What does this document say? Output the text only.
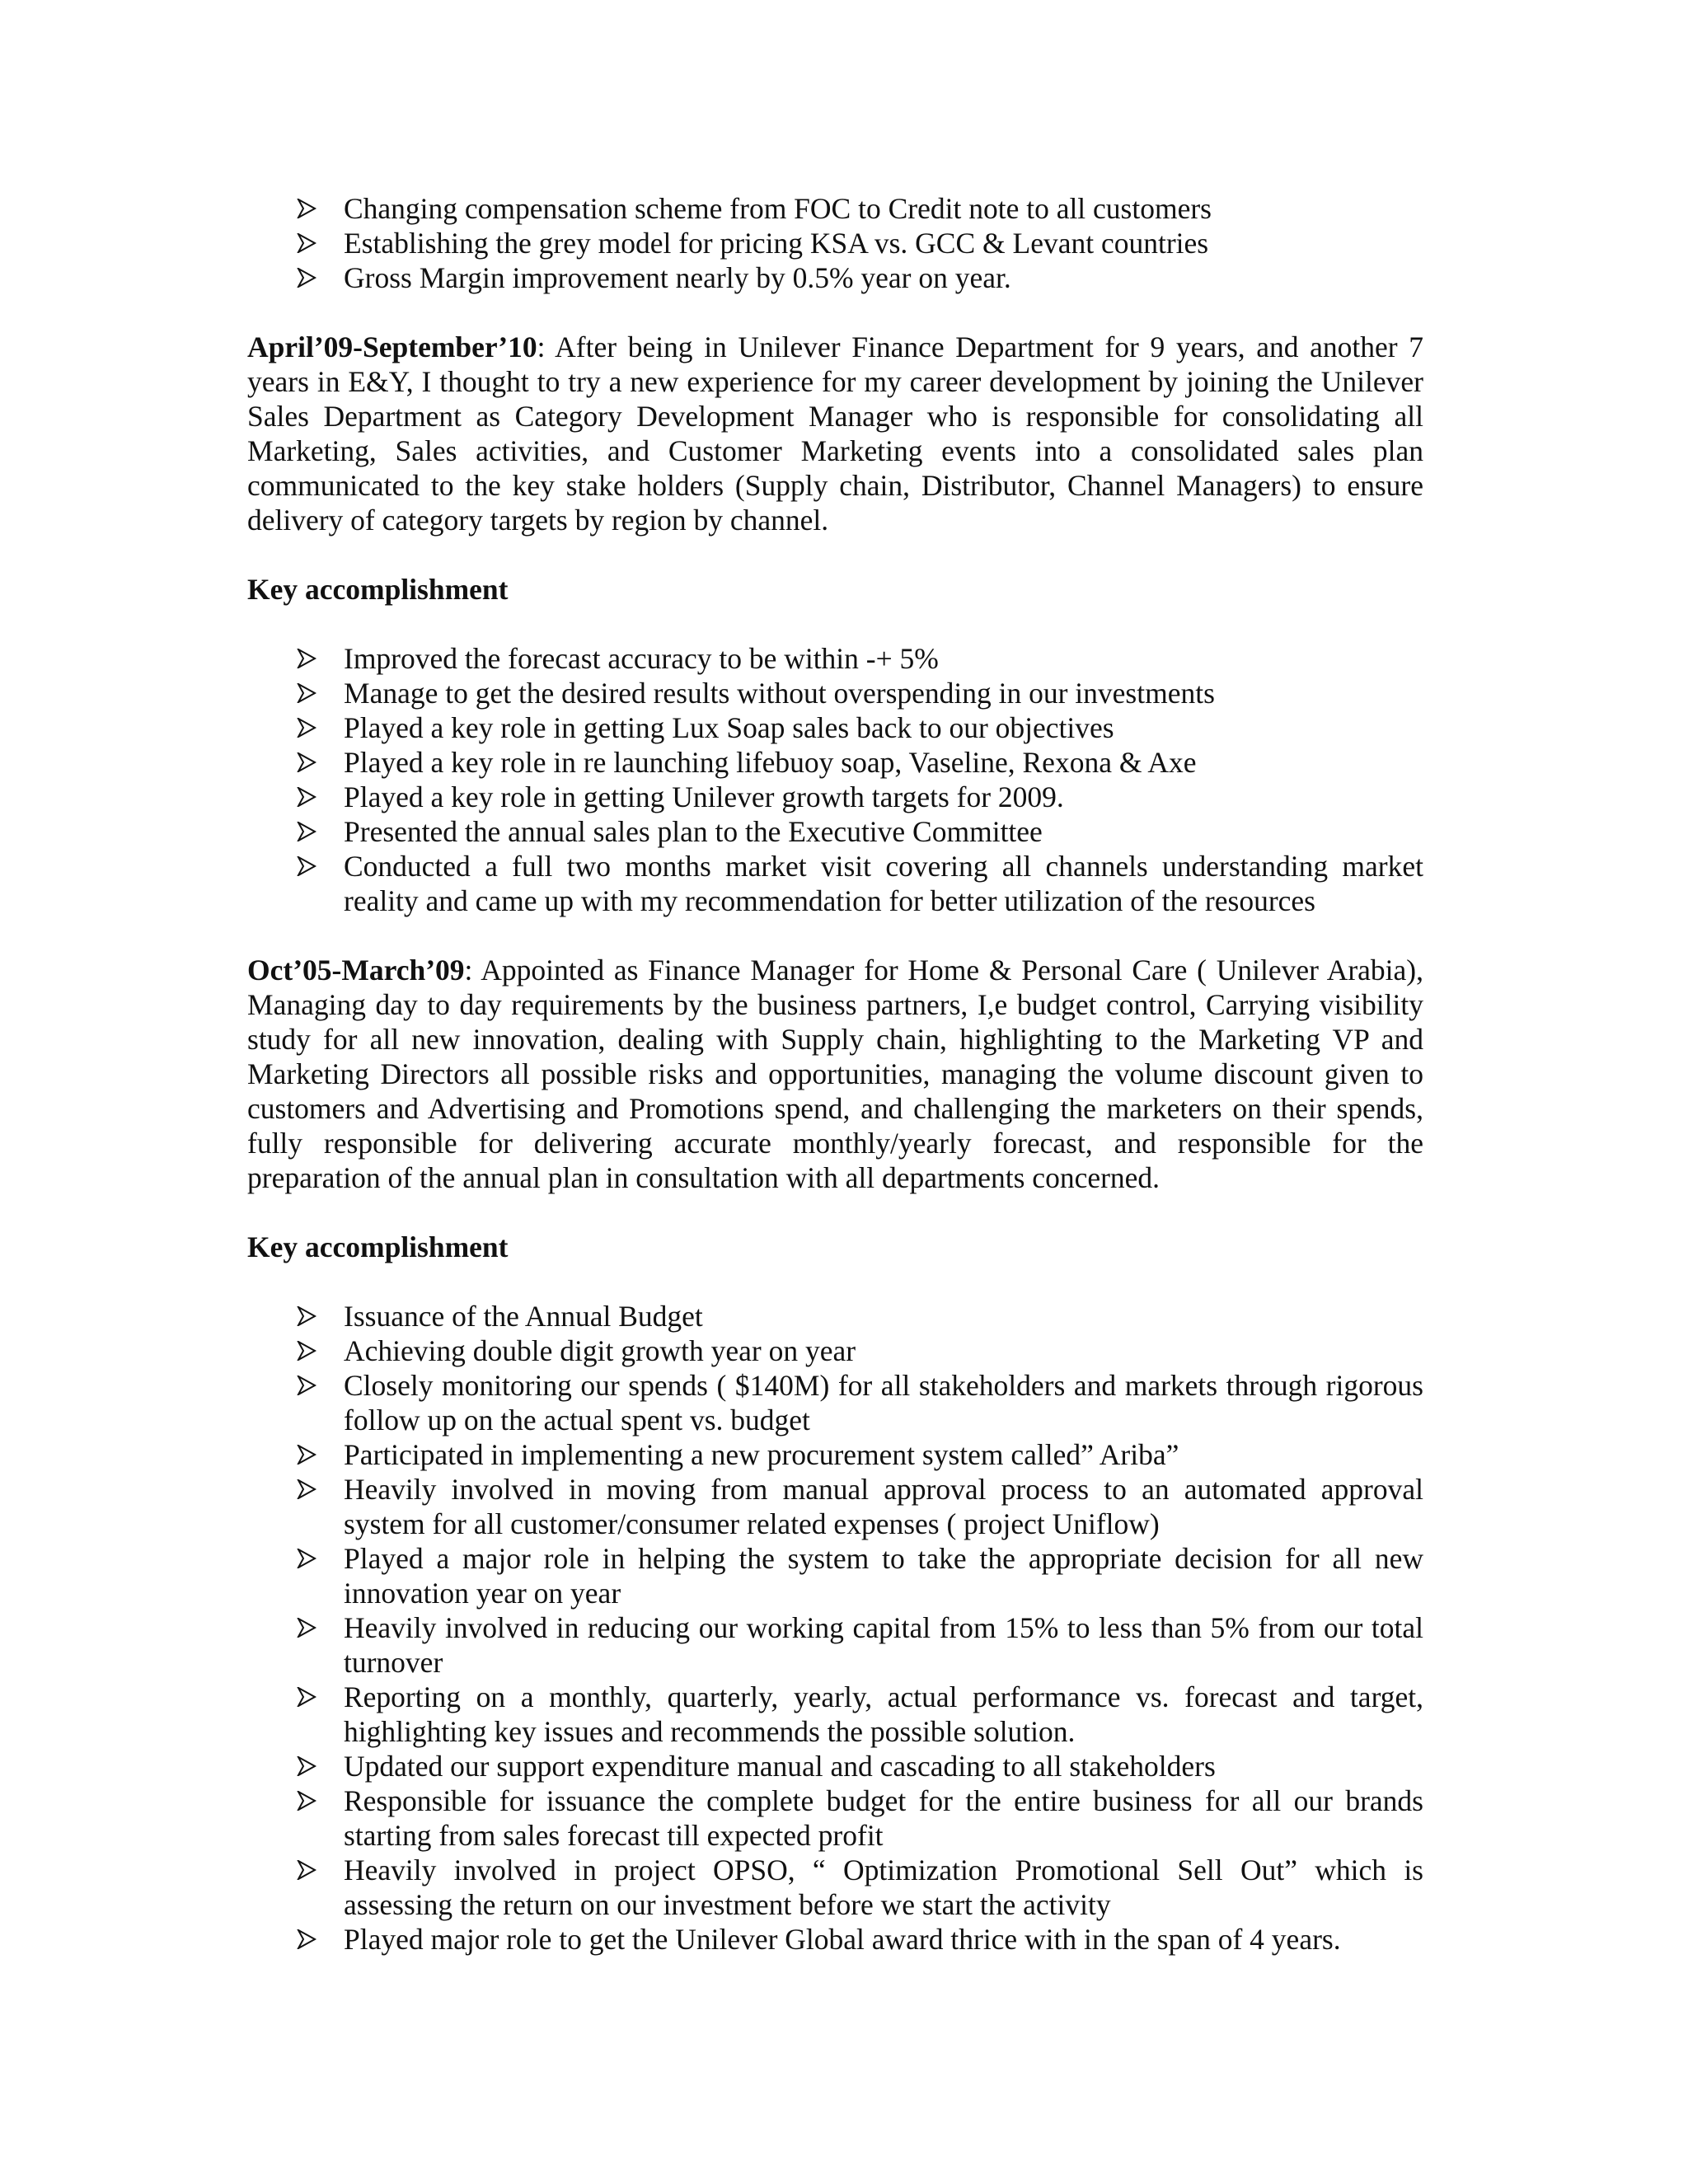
Changing compensation scheme from FOC to Credit note to all customers
Establishing the grey model for pricing KSA vs. GCC & Levant countries
Gross Margin improvement nearly by 0.5% year on year.

April’09-September’10: After being in Unilever Finance Department for 9 years, and another 7 years in E&Y, I thought to try a new experience for my career development by joining the Unilever Sales Department as Category Development Manager who is responsible for consolidating all Marketing, Sales activities, and Customer Marketing events into a consolidated sales plan communicated to the key stake holders (Supply chain, Distributor, Channel Managers) to ensure delivery of category targets by region by channel.

Key accomplishment
Improved the forecast accuracy to be within -+ 5%
Manage to get the desired results without overspending in our investments
Played a key role in getting Lux Soap sales back to our objectives
Played a key role in re launching lifebuoy soap, Vaseline, Rexona & Axe
Played a key role in getting Unilever growth targets for 2009.
Presented the annual sales plan to the Executive Committee
Conducted a full two months market visit covering all channels understanding market reality and came up with my recommendation for better utilization of the resources

Oct’05-March’09: Appointed as Finance Manager for Home & Personal Care ( Unilever Arabia), Managing day to day requirements by the business partners, I,e budget control, Carrying visibility study for all new innovation, dealing with Supply chain, highlighting to the Marketing VP and Marketing Directors all possible risks and opportunities, managing the volume discount given to customers and Advertising and Promotions spend, and challenging the marketers on their spends, fully responsible for delivering accurate monthly/yearly forecast, and responsible for the preparation of the annual plan in consultation with all departments concerned.

Key accomplishment
Issuance of the Annual Budget
Achieving double digit growth year on year
Closely monitoring our spends ( $140M) for all stakeholders and markets through rigorous follow up on the actual spent vs. budget
Participated in implementing a new procurement system called” Ariba”
Heavily involved in moving from manual approval process to an automated approval system for all customer/consumer related expenses ( project Uniflow)
Played a major role in helping the system to take the appropriate decision for all new innovation year on year
Heavily involved in reducing our working capital from 15% to less than 5% from our total turnover
Reporting on a monthly, quarterly, yearly, actual performance vs. forecast and target, highlighting key issues and recommends the possible solution.
Updated our support expenditure manual and cascading to all stakeholders
Responsible for issuance the complete budget for the entire business for all our brands starting from sales forecast till expected profit
Heavily involved in project OPSO, “ Optimization Promotional Sell Out” which is assessing the return on our investment before we start the activity
Played major role to get the Unilever Global award thrice with in the span of 4 years.
